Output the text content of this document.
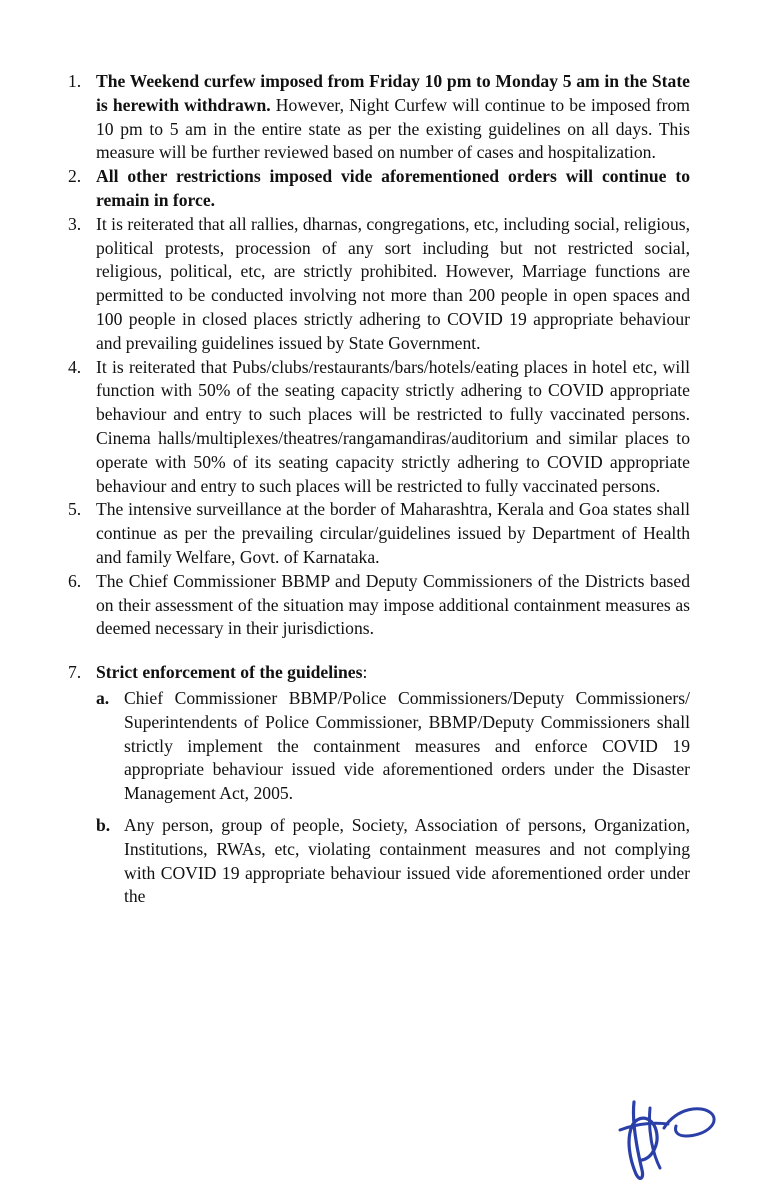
1. The Weekend curfew imposed from Friday 10 pm to Monday 5 am in the State is herewith withdrawn. However, Night Curfew will continue to be imposed from 10 pm to 5 am in the entire state as per the existing guidelines on all days. This measure will be further reviewed based on number of cases and hospitalization.
2. All other restrictions imposed vide aforementioned orders will continue to remain in force.
3. It is reiterated that all rallies, dharnas, congregations, etc, including social, religious, political protests, procession of any sort including but not restricted social, religious, political, etc, are strictly prohibited. However, Marriage functions are permitted to be conducted involving not more than 200 people in open spaces and 100 people in closed places strictly adhering to COVID 19 appropriate behaviour and prevailing guidelines issued by State Government.
4. It is reiterated that Pubs/clubs/restaurants/bars/hotels/eating places in hotel etc, will function with 50% of the seating capacity strictly adhering to COVID appropriate behaviour and entry to such places will be restricted to fully vaccinated persons. Cinema halls/multiplexes/theatres/rangamandiras/auditorium and similar places to operate with 50% of its seating capacity strictly adhering to COVID appropriate behaviour and entry to such places will be restricted to fully vaccinated persons.
5. The intensive surveillance at the border of Maharashtra, Kerala and Goa states shall continue as per the prevailing circular/guidelines issued by Department of Health and family Welfare, Govt. of Karnataka.
6. The Chief Commissioner BBMP and Deputy Commissioners of the Districts based on their assessment of the situation may impose additional containment measures as deemed necessary in their jurisdictions.
7. Strict enforcement of the guidelines:
a. Chief Commissioner BBMP/Police Commissioners/Deputy Commissioners/ Superintendents of Police Commissioner, BBMP/Deputy Commissioners shall strictly implement the containment measures and enforce COVID 19 appropriate behaviour issued vide aforementioned orders under the Disaster Management Act, 2005.
b. Any person, group of people, Society, Association of persons, Organization, Institutions, RWAs, etc, violating containment measures and not complying with COVID 19 appropriate behaviour issued vide aforementioned order under the
